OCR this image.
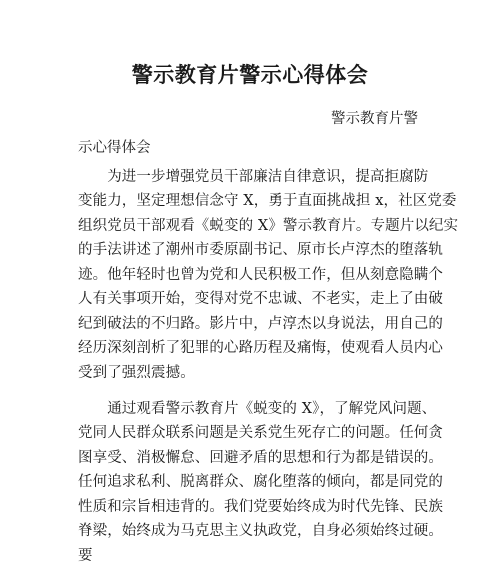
警示教育片警示心得体会
警示教育片警
示心得体会
　　为进一步增强党员干部廉洁自律意识，提高拒腐防
变能力，坚定理想信念守 X，勇于直面挑战担 x，社区党委
组织党员干部观看《蜕变的 X》警示教育片。专题片以纪实
的手法讲述了潮州市委原副书记、原市长卢淳杰的堕落轨
迹。他年轻时也曾为党和人民积极工作，但从刻意隐瞒个
人有关事项开始，变得对党不忠诚、不老实，走上了由破
纪到破法的不归路。影片中，卢淳杰以身说法，用自己的
经历深刻剖析了犯罪的心路历程及痛悔，使观看人员内心
受到了强烈震撼。
　　通过观看警示教育片《蜕变的 X》，了解党风问题、
党同人民群众联系问题是关系党生死存亡的问题。任何贪
图享受、消极懈怠、回避矛盾的思想和行为都是错误的。
任何追求私利、脱离群众、腐化堕落的倾向，都是同党的
性质和宗旨相违背的。我们党要始终成为时代先锋、民族
脊梁，始终成为马克思主义执政党，自身必须始终过硬。
要
